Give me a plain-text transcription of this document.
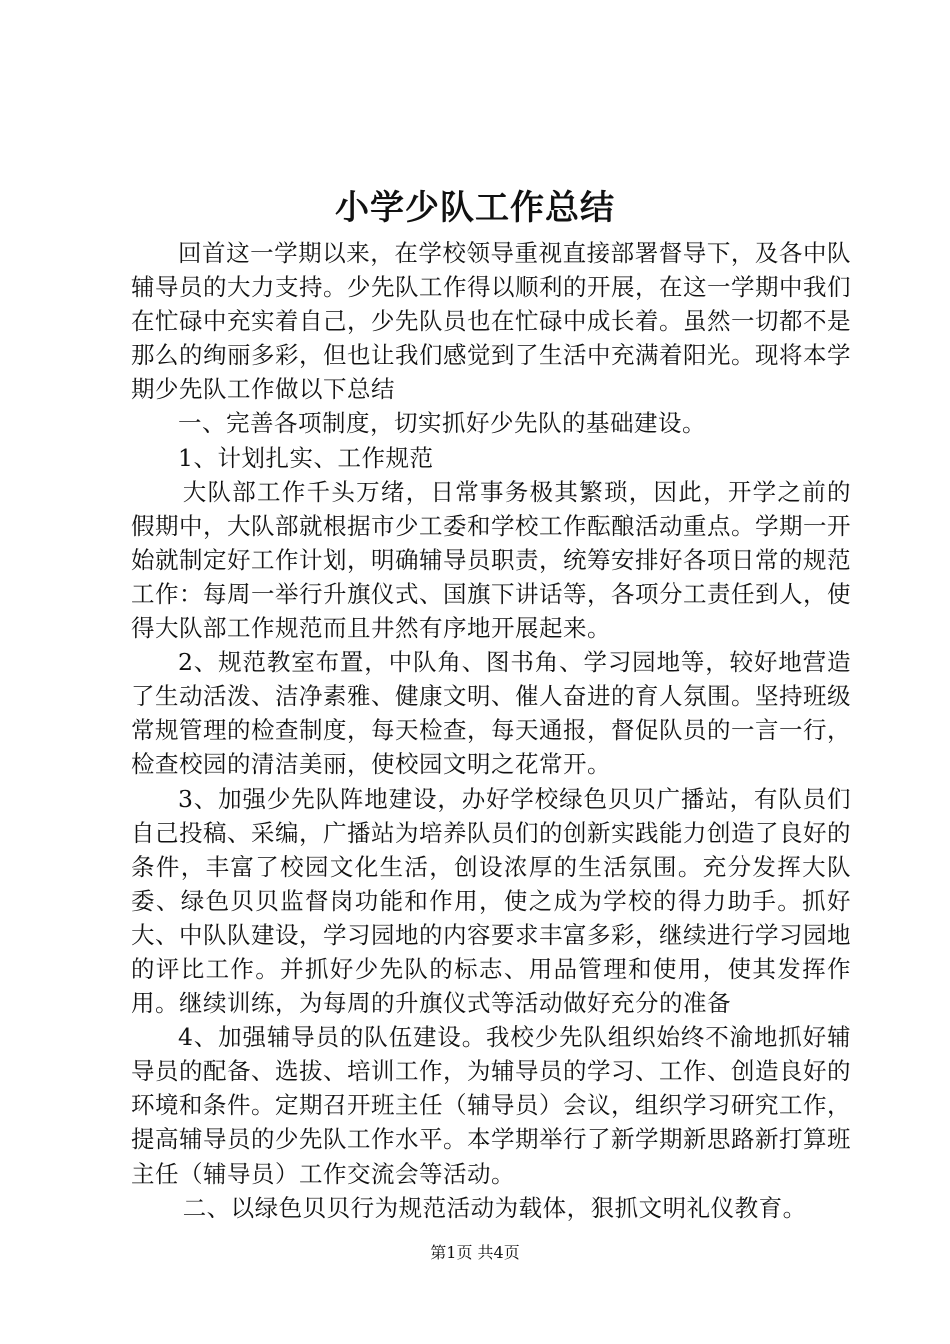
小学少队工作总结

回首这一学期以来，在学校领导重视直接部署督导下，及各中队辅导员的大力支持。少先队工作得以顺利的开展，在这一学期中我们在忙碌中充实着自己，少先队员也在忙碌中成长着。虽然一切都不是那么的绚丽多彩，但也让我们感觉到了生活中充满着阳光。现将本学期少先队工作做以下总结

一、完善各项制度，切实抓好少先队的基础建设。

1、计划扎实、工作规范

大队部工作千头万绪，日常事务极其繁琐，因此，开学之前的假期中，大队部就根据市少工委和学校工作酝酿活动重点。学期一开始就制定好工作计划，明确辅导员职责，统筹安排好各项日常的规范工作：每周一举行升旗仪式、国旗下讲话等，各项分工责任到人，使得大队部工作规范而且井然有序地开展起来。

2、规范教室布置，中队角、图书角、学习园地等，较好地营造了生动活泼、洁净素雅、健康文明、催人奋进的育人氛围。坚持班级常规管理的检查制度，每天检查，每天通报，督促队员的一言一行，检查校园的清洁美丽，使校园文明之花常开。

3、加强少先队阵地建设，办好学校绿色贝贝广播站，有队员们自己投稿、采编，广播站为培养队员们的创新实践能力创造了良好的条件，丰富了校园文化生活，创设浓厚的生活氛围。充分发挥大队委、绿色贝贝监督岗功能和作用，使之成为学校的得力助手。抓好大、中队队建设，学习园地的内容要求丰富多彩，继续进行学习园地的评比工作。并抓好少先队的标志、用品管理和使用，使其发挥作用。继续训练，为每周的升旗仪式等活动做好充分的准备

4、加强辅导员的队伍建设。我校少先队组织始终不渝地抓好辅导员的配备、选拔、培训工作，为辅导员的学习、工作、创造良好的环境和条件。定期召开班主任（辅导员）会议，组织学习研究工作，提高辅导员的少先队工作水平。本学期举行了新学期新思路新打算班主任（辅导员）工作交流会等活动。

二、以绿色贝贝行为规范活动为载体，狠抓文明礼仪教育。

第1页 共4页
